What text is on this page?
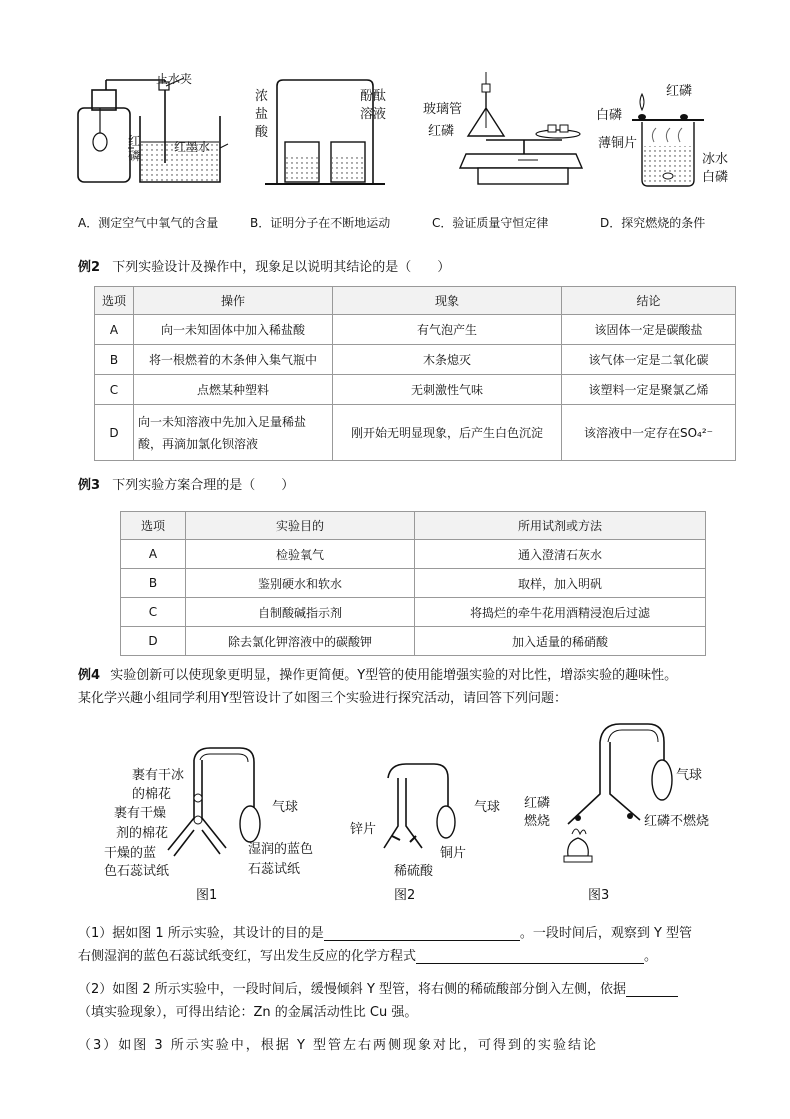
止水夹
红
磷
红墨水
浓
盐
酸
酚酞
溶液	玻璃管
红磷
红磷
白磷
薄铜片
冰水
白磷
A．测定空气中氧气的含量	B．证明分子在不断地运动	C．验证质量守恒定律	D．探究燃烧的条件
例2 下列实验设计及操作中，现象足以说明其结论的是（　　）
选项	操作	现象	结论
A	向一未知固体中加入稀盐酸	有气泡产生	该固体一定是碳酸盐
B	将一根燃着的木条伸入集气瓶中	木条熄灭	该气体一定是二氧化碳
C	点燃某种塑料	无刺激性气味	该塑料一定是聚氯乙烯
D	向一未知溶液中先加入足量稀盐酸，再滴加氯化钡溶液	刚开始无明显现象，后产生白色沉淀	该溶液中一定存在SO₄²⁻
例3 下列实验方案合理的是（　　）
选项	实验目的	所用试剂或方法
A	检验氧气	通入澄清石灰水
B	鉴别硬水和软水	取样，加入明矾
C	自制酸碱指示剂	将捣烂的牵牛花用酒精浸泡后过滤
D	除去氯化钾溶液中的碳酸钾	加入适量的稀硝酸
例4 实验创新可以使现象更明显，操作更简便。Y型管的使用能增强实验的对比性，增添实验的趣味性。
某化学兴趣小组同学利用Y型管设计了如图三个实验进行探究活动，请回答下列问题：
裹有干冰
的棉花
裹有干燥
剂的棉花
干燥的蓝
色石蕊试纸
气球
湿润的蓝色
石蕊试纸
图1
锌片
气球
铜片
稀硫酸
图2
气球
红磷
燃烧	红磷不燃烧
图3
（1）据如图 1 所示实验，其设计的目的是	。一段时间后，观察到 Y 型管
右侧湿润的蓝色石蕊试纸变红，写出发生反应的化学方程式	。
（2）如图 2 所示实验中，一段时间后，缓慢倾斜 Y 型管，将右侧的稀硫酸部分倒入左侧，依据
（填实验现象），可得出结论：Zn 的金属活动性比 Cu 强。
（3）如图 3 所示实验中，根据 Y 型管左右两侧现象对比，可得到的实验结论
